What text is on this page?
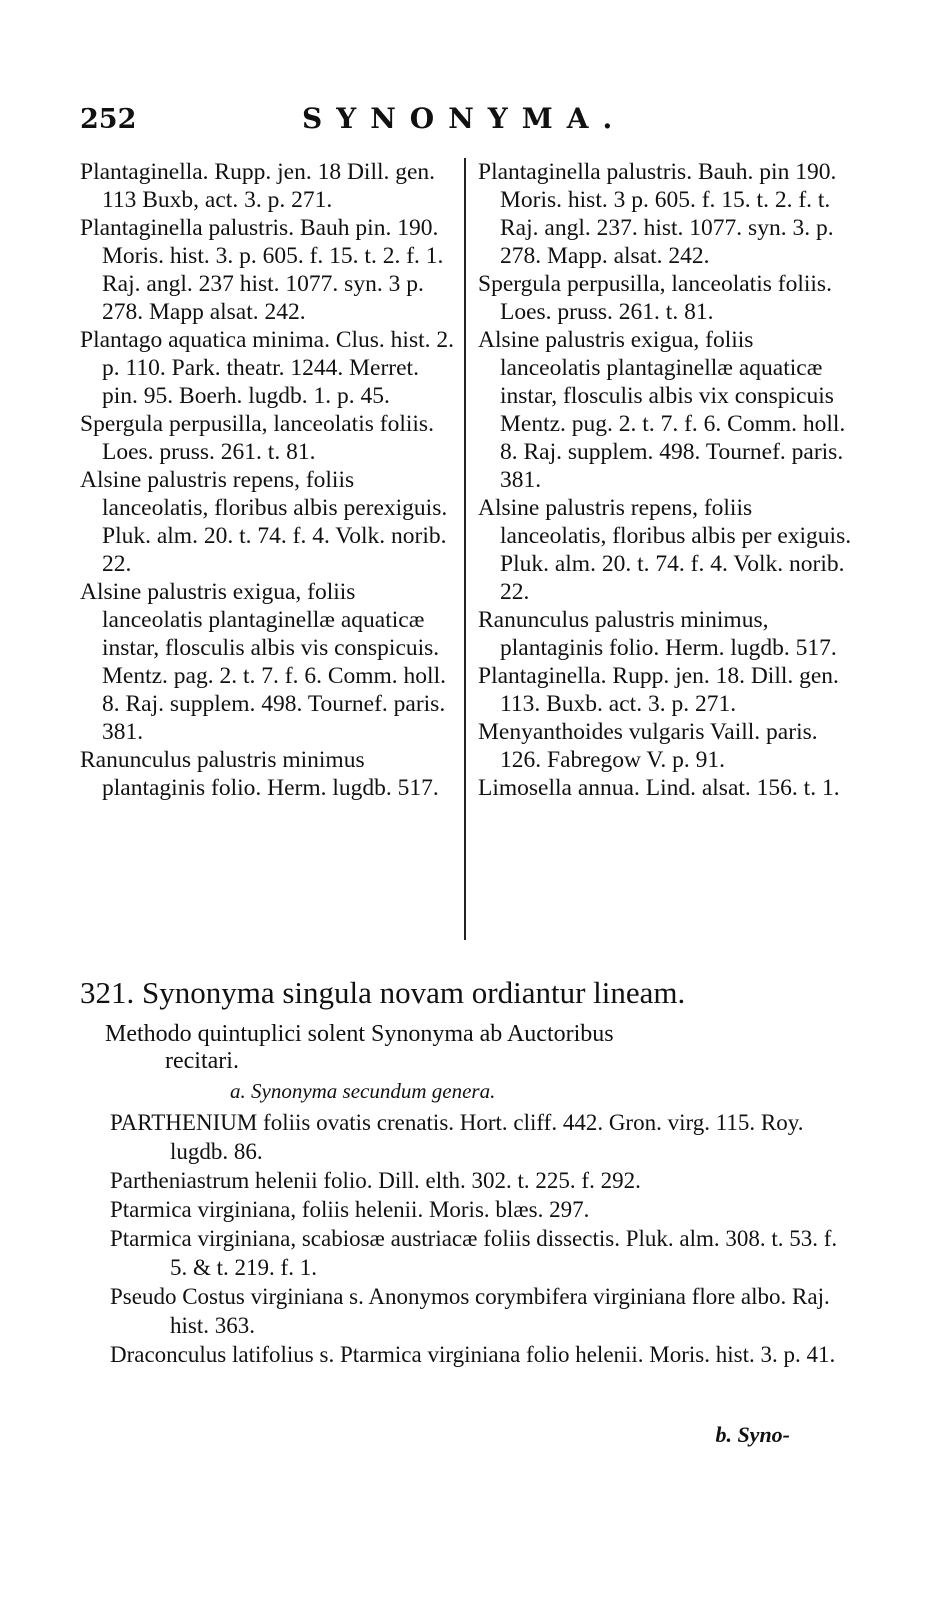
252	SYNONYMA.

Plantaginella. Rupp. jen. 18 Dill. gen. 113 Buxb, act. 3. p. 271.

Plantaginella palustris. Bauh pin. 190. Moris. hist. 3. p. 605. f. 15. t. 2. f. 1. Raj. angl. 237 hist. 1077. syn. 3 p. 278. Mapp alsat. 242.

Plantago aquatica minima. Clus. hist. 2. p. 110. Park. theatr. 1244. Merret. pin. 95. Boerh. lugdb. 1. p. 45.

Spergula perpusilla, lanceolatis foliis. Loes. pruss. 261. t. 81.

Alsine palustris repens, foliis lanceolatis, floribus albis perexiguis. Pluk. alm. 20. t. 74. f. 4. Volk. norib. 22.

Alsine palustris exigua, foliis lanceolatis plantaginellæ aquaticæ instar, flosculis albis vis conspicuis. Mentz. pag. 2. t. 7. f. 6. Comm. holl. 8. Raj. supplem. 498. Tournef. paris. 381.

Ranunculus palustris minimus plantaginis folio. Herm. lugdb. 517.

Plantaginella palustris. Bauh. pin 190. Moris. hist. 3 p. 605. f. 15. t. 2. f. t. Raj. angl. 237. hist. 1077. syn. 3. p. 278. Mapp. alsat. 242.

Spergula perpusilla, lanceolatis foliis. Loes. pruss. 261. t. 81.

Alsine palustris exigua, foliis lanceolatis plantaginellæ aquaticæ instar, flosculis albis vix conspicuis Mentz. pug. 2. t. 7. f. 6. Comm. holl. 8. Raj. supplem. 498. Tournef. paris. 381.

Alsine palustris repens, foliis lanceolatis, floribus albis per exiguis. Pluk. alm. 20. t. 74. f. 4. Volk. norib. 22.

Ranunculus palustris minimus, plantaginis folio. Herm. lugdb. 517.

Plantaginella. Rupp. jen. 18. Dill. gen. 113. Buxb. act. 3. p. 271.

Menyanthoides vulgaris Vaill. paris. 126. Fabregow V. p. 91.

Limosella annua. Lind. alsat. 156. t. 1.

321. Synonyma singula novam ordiantur lineam.

Methodo quintuplici solent Synonyma ab Auctoribus
recitari.

a. Synonyma secundum genera.

PARTHENIUM foliis ovatis crenatis. Hort. cliff. 442. Gron. virg. 115. Roy. lugdb. 86.

Partheniastrum helenii folio. Dill. elth. 302. t. 225. f. 292.

Ptarmica virginiana, foliis helenii. Moris. blæs. 297.

Ptarmica virginiana, scabiosæ austriacæ foliis dissectis. Pluk. alm. 308. t. 53. f. 5. & t. 219. f. 1.

Pseudo Costus virginiana s. Anonymos corymbifera virginiana flore albo. Raj. hist. 363.

Draconculus latifolius s. Ptarmica virginiana folio helenii. Moris. hist. 3. p. 41.

b. Syno-
